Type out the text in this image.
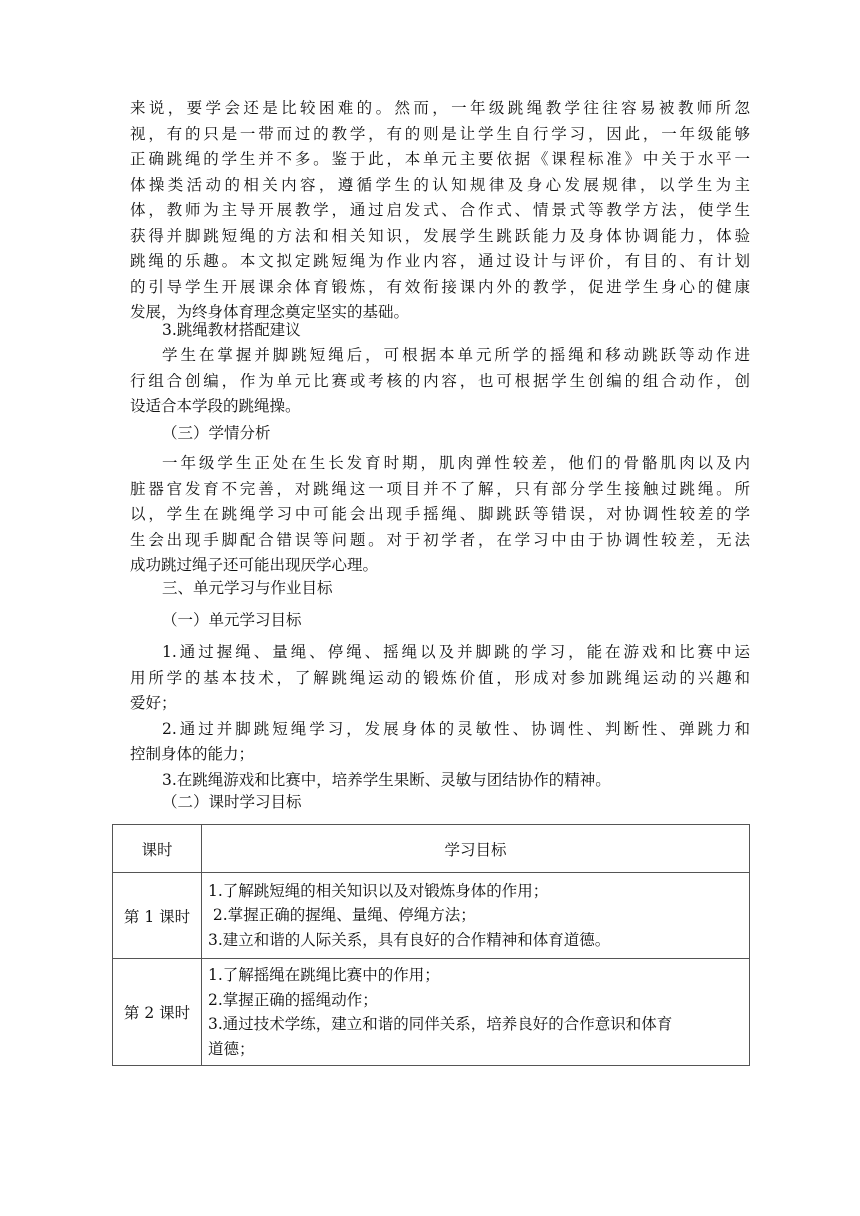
来说，要学会还是比较困难的。然而，一年级跳绳教学往往容易被教师所忽
视，有的只是一带而过的教学，有的则是让学生自行学习，因此，一年级能够
正确跳绳的学生并不多。鉴于此，本单元主要依据《课程标准》中关于水平一
体操类活动的相关内容，遵循学生的认知规律及身心发展规律，以学生为主
体，教师为主导开展教学，通过启发式、合作式、情景式等教学方法，使学生
获得并脚跳短绳的方法和相关知识，发展学生跳跃能力及身体协调能力，体验
跳绳的乐趣。本文拟定跳短绳为作业内容，通过设计与评价，有目的、有计划
的引导学生开展课余体育锻炼，有效衔接课内外的教学，促进学生身心的健康
发展，为终身体育理念奠定坚实的基础。

3.跳绳教材搭配建议

学生在掌握并脚跳短绳后，可根据本单元所学的摇绳和移动跳跃等动作进
行组合创编，作为单元比赛或考核的内容，也可根据学生创编的组合动作，创
设适合本学段的跳绳操。

（三）学情分析

一年级学生正处在生长发育时期，肌肉弹性较差，他们的骨骼肌肉以及内
脏器官发育不完善，对跳绳这一项目并不了解，只有部分学生接触过跳绳。所
以，学生在跳绳学习中可能会出现手摇绳、脚跳跃等错误，对协调性较差的学
生会出现手脚配合错误等问题。对于初学者，在学习中由于协调性较差，无法
成功跳过绳子还可能出现厌学心理。

三、单元学习与作业目标

（一）单元学习目标

1.通过握绳、量绳、停绳、摇绳以及并脚跳的学习，能在游戏和比赛中运
用所学的基本技术，了解跳绳运动的锻炼价值，形成对参加跳绳运动的兴趣和
爱好；
2.通过并脚跳短绳学习，发展身体的灵敏性、协调性、判断性、弹跳力和
控制身体的能力；
3.在跳绳游戏和比赛中，培养学生果断、灵敏与团结协作的精神。

（二）课时学习目标

课时	学习目标
第 1 课时	1.了解跳短绳的相关知识以及对锻炼身体的作用；
2.掌握正确的握绳、量绳、停绳方法；
3.建立和谐的人际关系，具有良好的合作精神和体育道德。

第 2 课时	1.了解摇绳在跳绳比赛中的作用；
2.掌握正确的摇绳动作；
3.通过技术学练，建立和谐的同伴关系，培养良好的合作意识和体育
道德；
